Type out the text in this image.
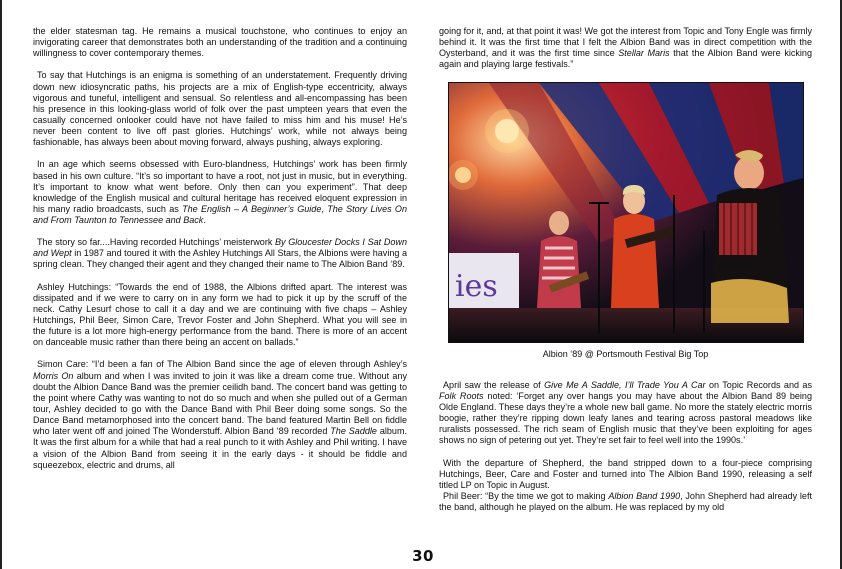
the elder statesman tag. He remains a musical touchstone, who continues to enjoy an invigorating career that demonstrates both an understanding of the tradition and a continuing willingness to cover contemporary themes.

To say that Hutchings is an enigma is something of an understatement. Frequently driving down new idiosyncratic paths, his projects are a mix of English-type eccentricity, always vigorous and tuneful, intelligent and sensual. So relentless and all-encompassing has been his presence in this looking-glass world of folk over the past umpteen years that even the casually concerned onlooker could have not have failed to miss him and his muse! He’s never been content to live off past glories. Hutchings’ work, while not always being fashionable, has always been about moving forward, always pushing, always exploring.

In an age which seems obsessed with Euro-blandness, Hutchings’ work has been firmly based in his own culture. “It’s so important to have a root, not just in music, but in everything. It’s important to know what went before. Only then can you experiment”. That deep knowledge of the English musical and cultural heritage has received eloquent expression in his many radio broadcasts, such as The English – A Beginner’s Guide, The Story Lives On and From Taunton to Tennessee and Back.

The story so far....Having recorded Hutchings’ meisterwork By Gloucester Docks I Sat Down and Wept in 1987 and toured it with the Ashley Hutchings All Stars, the Albions were having a spring clean. They changed their agent and they changed their name to The Albion Band ‘89.

Ashley Hutchings: “Towards the end of 1988, the Albions drifted apart. The interest was dissipated and if we were to carry on in any form we had to pick it up by the scruff of the neck. Cathy Lesurf chose to call it a day and we are continuing with five chaps – Ashley Hutchings, Phil Beer, Simon Care, Trevor Foster and John Shepherd. What you will see in the future is a lot more high-energy performance from the band. There is more of an accent on danceable music rather than there being an accent on ballads.”

Simon Care: “I’d been a fan of The Albion Band since the age of eleven through Ashley’s Morris On album and when I was invited to join it was like a dream come true. Without any doubt the Albion Dance Band was the premier ceilidh band. The concert band was getting to the point where Cathy was wanting to not do so much and when she pulled out of a German tour, Ashley decided to go with the Dance Band with Phil Beer doing some songs. So the Dance Band metamorphosed into the concert band. The band featured Martin Bell on fiddle who later went off and joined The Wonderstuff. Albion Band ‘89 recorded The Saddle album. It was the first album for a while that had a real punch to it with Ashley and Phil writing. I have a vision of the Albion Band from seeing it in the early days - it should be fiddle and squeezebox, electric and drums, all

going for it, and, at that point it was! We got the interest from Topic and Tony Engle was firmly behind it. It was the first time that I felt the Albion Band was in direct competition with the Oysterband, and it was the first time since Stellar Maris that the Albion Band were kicking again and playing large festivals.”

ies
Albion ‘89 @ Portsmouth Festival Big Top

April saw the release of Give Me A Saddle, I’ll Trade You A Car on Topic Records and as Folk Roots noted: ‘Forget any over hangs you may have about the Albion Band 89 being Olde England. These days they’re a whole new ball game. No more the stately electric morris boogie, rather they’re ripping down leafy lanes and tearing across pastoral meadows like ruralists possessed. The rich seam of English music that they’ve been exploiting for ages shows no sign of petering out yet. They’re set fair to feel well into the 1990s.’

With the departure of Shepherd, the band stripped down to a four-piece comprising Hutchings, Beer, Care and Foster and turned into The Albion Band 1990, releasing a self titled LP on Topic in August.

Phil Beer: “By the time we got to making Albion Band 1990, John Shepherd had already left the band, although he played on the album. He was replaced by my old

30
